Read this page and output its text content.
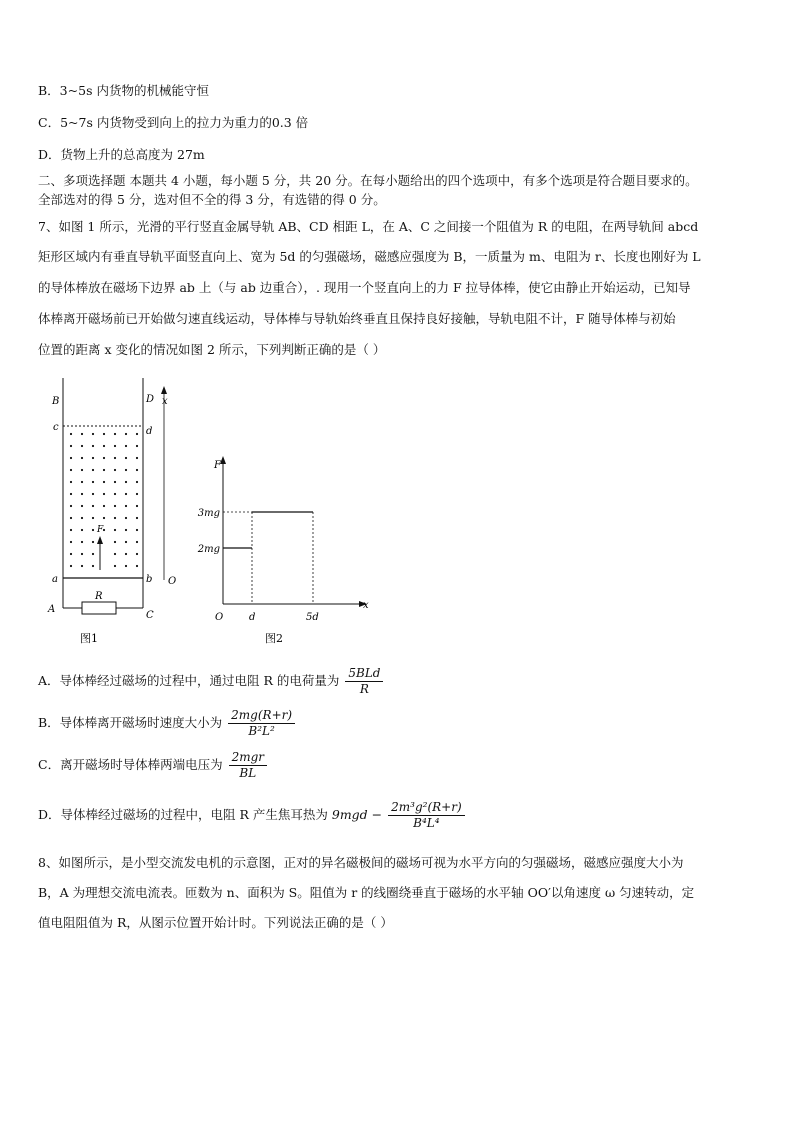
B．3~5s 内货物的机械能守恒
C．5~7s 内货物受到向上的拉力为重力的0.3 倍
D．货物上升的总高度为 27m
二、多项选择题 本题共 4 小题，每小题 5 分，共 20 分。在每小题给出的四个选项中，有多个选项是符合题目要求的。
全部选对的得 5 分，选对但不全的得 3 分，有选错的得 0 分。
7、如图 1 所示，光滑的平行竖直金属导轨 AB、CD 相距 L，在 A、C 之间接一个阻值为 R 的电阻，在两导轨间 abcd
矩形区域内有垂直导轨平面竖直向上、宽为 5d 的匀强磁场，磁感应强度为 B，一质量为 m、电阻为 r、长度也刚好为 L
的导体棒放在磁场下边界 ab 上（与 ab 边重合），. 现用一个竖直向上的力 F 拉导体棒，使它由静止开始运动，已知导
体棒离开磁场前已开始做匀速直线运动，导体棒与导轨始终垂直且保持良好接触，导轨电阻不计，F 随导体棒与初始
位置的距离 x 变化的情况如图 2 所示，下列判断正确的是（ ）
B	D x
c	d
F
a	b O
A
C
R
图1
F
3mg
2mg
O	d	5d
x
图2
A．导体棒经过磁场的过程中，通过电阻 R 的电荷量为 $\frac{\text{5BLd}}{R}$
B．导体棒离开磁场时速度大小为 $\frac{2mg(R+r)}{\text{B²L²}}$
C．离开磁场时导体棒两端电压为 $\frac{\text{2mgr}}{BL}$
D．导体棒经过磁场的过程中，电阻 R 产生焦耳热为 $9mgd - \frac{\text{2m³g²(R+r)}}{\text{B⁴L⁴}}$
8、如图所示，是小型交流发电机的示意图，正对的异名磁极间的磁场可视为水平方向的匀强磁场，磁感应强度大小为
B，A 为理想交流电流表。匝数为 n、面积为 S。阻值为 r 的线圈绕垂直于磁场的水平轴 OO′以角速度 ω 匀速转动，定
值电阻阻值为 R，从图示位置开始计时。下列说法正确的是（ ）
